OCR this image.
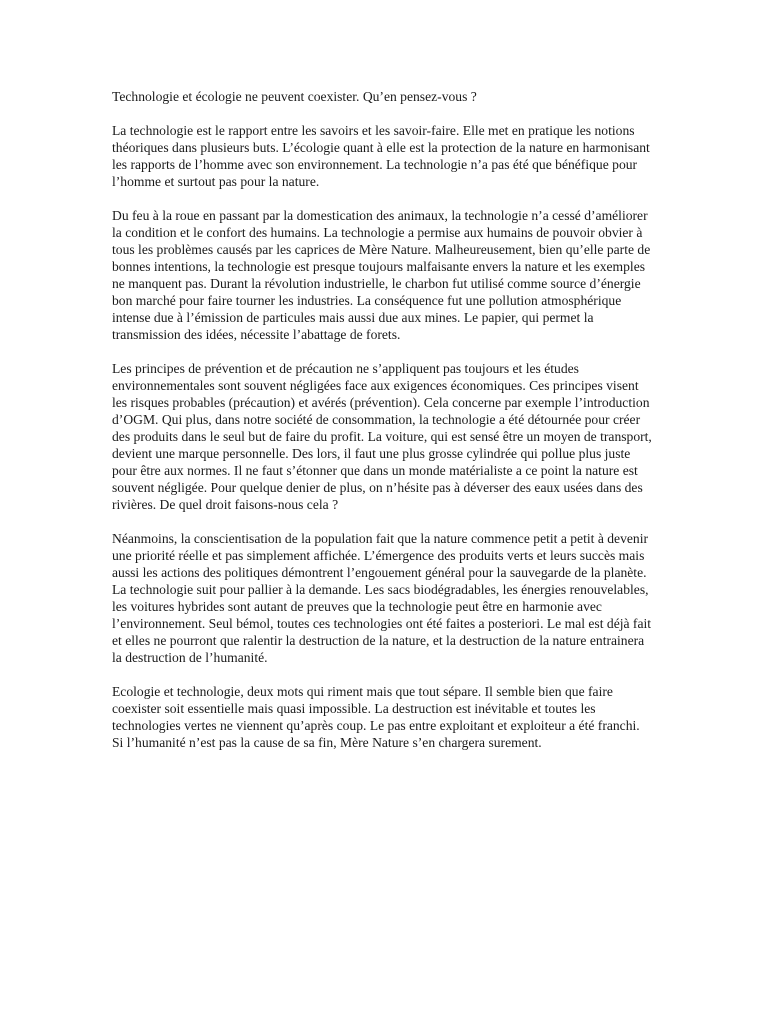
Technologie et écologie ne peuvent coexister. Qu’en pensez-vous ?

La technologie est le rapport entre les savoirs et les savoir-faire. Elle met en pratique les notions théoriques dans plusieurs buts. L’écologie quant à elle est la protection de la nature en harmonisant les rapports de l’homme avec son environnement. La technologie n’a pas été que bénéfique pour l’homme et surtout pas pour la nature.

Du feu à la roue en passant par la domestication des animaux, la technologie n’a cessé d’améliorer la condition et le confort des humains. La technologie a permise aux humains de pouvoir obvier à tous les problèmes causés par les caprices de Mère Nature. Malheureusement, bien qu’elle parte de bonnes intentions, la technologie est presque toujours malfaisante envers la nature et les exemples ne manquent pas. Durant la révolution industrielle, le charbon fut utilisé comme source d’énergie bon marché pour faire tourner les industries. La conséquence fut une pollution atmosphérique intense due à l’émission de particules mais aussi due aux mines. Le papier, qui permet la transmission des idées, nécessite l’abattage de forets.

Les principes de prévention et de précaution ne s’appliquent pas toujours et les études environnementales sont souvent négligées face aux exigences économiques. Ces principes visent les risques probables (précaution) et avérés (prévention). Cela concerne par exemple l’introduction d’OGM. Qui plus, dans notre société de consommation, la technologie a été détournée pour créer des produits dans le seul but de faire du profit. La voiture, qui est sensé être un moyen de transport, devient une marque personnelle. Des lors, il faut une plus grosse cylindrée qui pollue plus juste pour être aux normes. Il ne faut s’étonner que dans un monde matérialiste a ce point la nature est souvent négligée. Pour quelque denier de plus, on n’hésite pas à déverser des eaux usées dans des rivières. De quel droit faisons-nous cela ?

Néanmoins, la conscientisation de la population fait que la nature commence petit a petit à devenir une priorité réelle et pas simplement affichée. L’émergence des produits verts et leurs succès mais aussi les actions des politiques démontrent l’engouement général pour la sauvegarde de la planète. La technologie suit pour pallier à la demande. Les sacs biodégradables, les énergies renouvelables, les voitures hybrides sont autant de preuves que la technologie peut être en harmonie avec l’environnement. Seul bémol, toutes ces technologies ont été faites a posteriori. Le mal est déjà fait et elles ne pourront que ralentir la destruction de la nature, et la destruction de la nature entrainera la destruction de l’humanité.

Ecologie et technologie, deux mots qui riment mais que tout sépare. Il semble bien que faire coexister soit essentielle mais quasi impossible. La destruction est inévitable et toutes les technologies vertes ne viennent qu’après coup. Le pas entre exploitant et exploiteur a été franchi. Si l’humanité n’est pas la cause de sa fin, Mère Nature s’en chargera surement.
